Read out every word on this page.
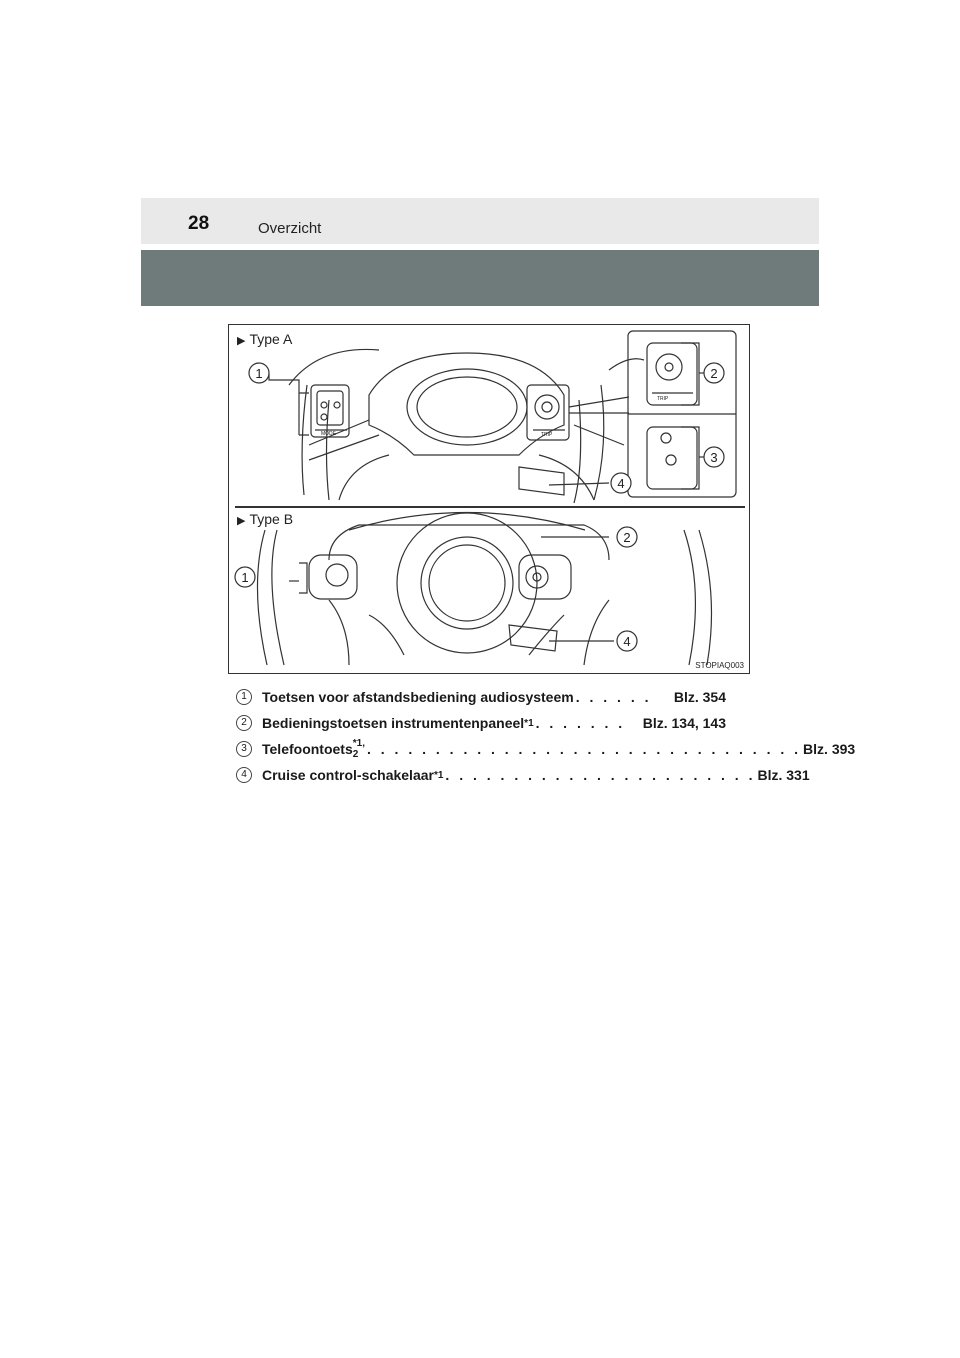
28	Overzicht
1	2
3
4
1
2
4
MODE	TRIP
TRIP
▶ Type A
▶ Type B
STOPIAQ003
1	Toetsen voor afstandsbediening audiosysteem . . . . . .	Blz. 354
2	Bedieningstoetsen instrumentenpaneel *1 . . . . . . .	Blz. 134, 143
3	Telefoontoets *1, 2 . . . . . . . . . . . . . . . . . . . . . . . . . . . . . . . . Blz. 393
4	Cruise control-schakelaar *1 . . . . . . . . . . . . . . . . . . . . . . . Blz. 331
